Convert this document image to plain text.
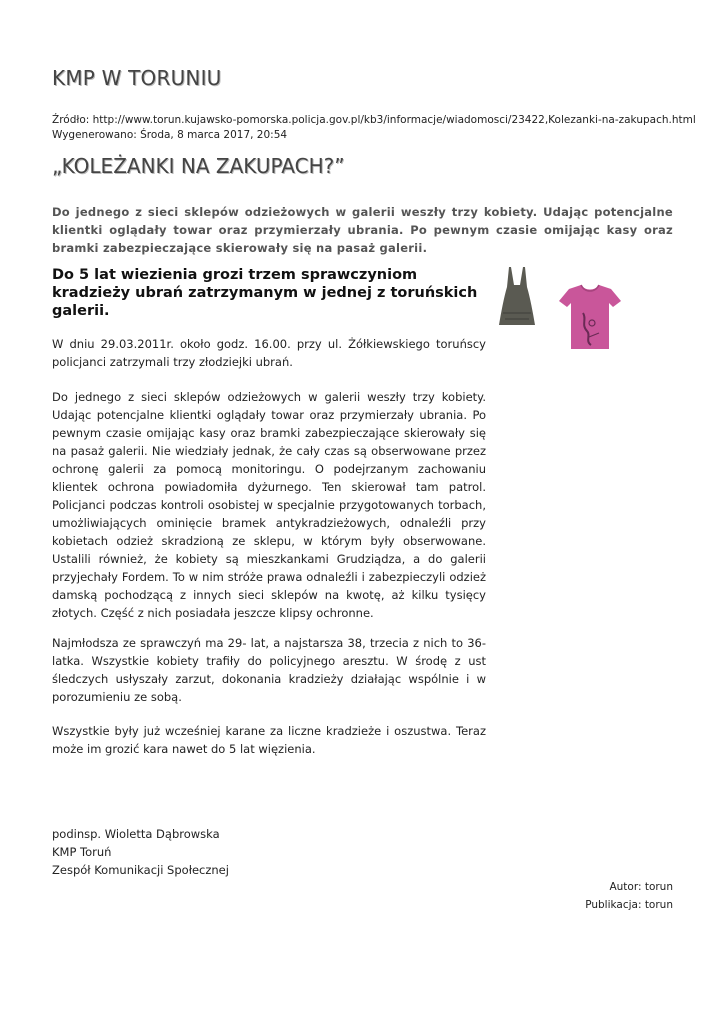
KMP W TORUNIU
Źródło: http://www.torun.kujawsko-pomorska.policja.gov.pl/kb3/informacje/wiadomosci/23422,Kolezanki-na-zakupach.html
Wygenerowano: Środa, 8 marca 2017, 20:54
„KOLEŻANKI NA ZAKUPACH?”
Do jednego z sieci sklepów odzieżowych w galerii weszły trzy kobiety. Udając potencjalne klientki oglądały towar oraz przymierzały ubrania. Po pewnym czasie omijając kasy oraz bramki zabezpieczające skierowały się na pasaż galerii.
Do 5 lat wiezienia grozi trzem sprawczyniom kradzieży ubrań zatrzymanym w jednej z toruńskich galerii.
W dniu 29.03.2011r. około godz. 16.00. przy ul. Żółkiewskiego toruńscy policjanci zatrzymali trzy złodziejki ubrań.
Do jednego z sieci sklepów odzieżowych w galerii weszły trzy kobiety. Udając potencjalne klientki oglądały towar oraz przymierzały ubrania. Po pewnym czasie omijając kasy oraz bramki zabezpieczające skierowały się na pasaż galerii. Nie wiedziały jednak, że cały czas są obserwowane przez ochronę galerii za pomocą monitoringu. O podejrzanym zachowaniu klientek ochrona powiadomiła dyżurnego. Ten skierował tam patrol. Policjanci podczas kontroli osobistej w specjalnie przygotowanych torbach, umożliwiających ominięcie bramek antykradzieżowych, odnaleźli przy kobietach odzież skradzioną ze sklepu, w którym były obserwowane. Ustalili również, że kobiety są mieszkankami Grudziądza, a do galerii przyjechały Fordem. To w nim stróże prawa odnaleźli i zabezpieczyli odzież damską pochodzącą z innych sieci sklepów na kwotę, aż kilku tysięcy złotych. Część z nich posiadała jeszcze klipsy ochronne.
Najmłodsza ze sprawczyń ma 29- lat, a najstarsza 38, trzecia z nich to 36-latka. Wszystkie kobiety trafiły do policyjnego aresztu. W środę z ust śledczych usłyszały zarzut, dokonania kradzieży działając wspólnie i w porozumieniu ze sobą.
Wszystkie były już wcześniej karane za liczne kradzieże i oszustwa. Teraz może im grozić kara nawet do 5 lat więzienia.
podinsp. Wioletta Dąbrowska
KMP Toruń
Zespół Komunikacji Społecznej
Autor: torun
Publikacja: torun
